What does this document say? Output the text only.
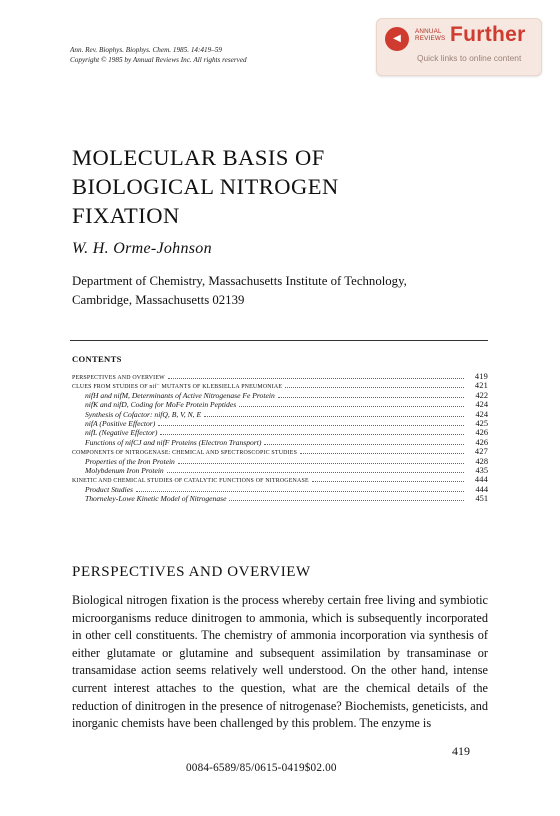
Ann. Rev. Biophys. Biophys. Chem. 1985. 14:419–59
Copyright © 1985 by Annual Reviews Inc. All rights reserved
◀
ANNUAL
REVIEWS Further
Quick links to online content
MOLECULAR BASIS OF
BIOLOGICAL NITROGEN
FIXATION
W. H. Orme-Johnson
Department of Chemistry, Massachusetts Institute of Technology,
Cambridge, Massachusetts 02139
CONTENTS
PERSPECTIVES AND OVERVIEW	419
CLUES FROM STUDIES OF nif⁻ MUTANTS OF KLEBSIELLA PNEUMONIAE	421
nifH and nifM, Determinants of Active Nitrogenase Fe Protein	422
nifK and nifD, Coding for MoFe Protein Peptides	424
Synthesis of Cofactor: nifQ, B, V, N, E	424
nifA (Positive Effector)	425
nifL (Negative Effector)	426
Functions of nifCJ and nifF Proteins (Electron Transport)	426
COMPONENTS OF NITROGENASE: CHEMICAL AND SPECTROSCOPIC STUDIES	427
Properties of the Iron Protein	428
Molybdenum Iron Protein	435
KINETIC AND CHEMICAL STUDIES OF CATALYTIC FUNCTIONS OF NITROGENASE	444
Product Studies	444
Thorneley-Lowe Kinetic Model of Nitrogenase	451
PERSPECTIVES AND OVERVIEW
Biological nitrogen fixation is the process whereby certain free living and symbiotic microorganisms reduce dinitrogen to ammonia, which is subsequently incorporated in other cell constituents. The chemistry of ammonia incorporation via synthesis of either glutamate or glutamine and subsequent assimilation by transaminase or transamidase action seems relatively well understood. On the other hand, intense current interest attaches to the question, what are the chemical details of the reduction of dinitrogen in the presence of nitrogenase? Biochemists, geneticists, and inorganic chemists have been challenged by this problem. The enzyme is
419
0084-6589/85/0615-0419$02.00
